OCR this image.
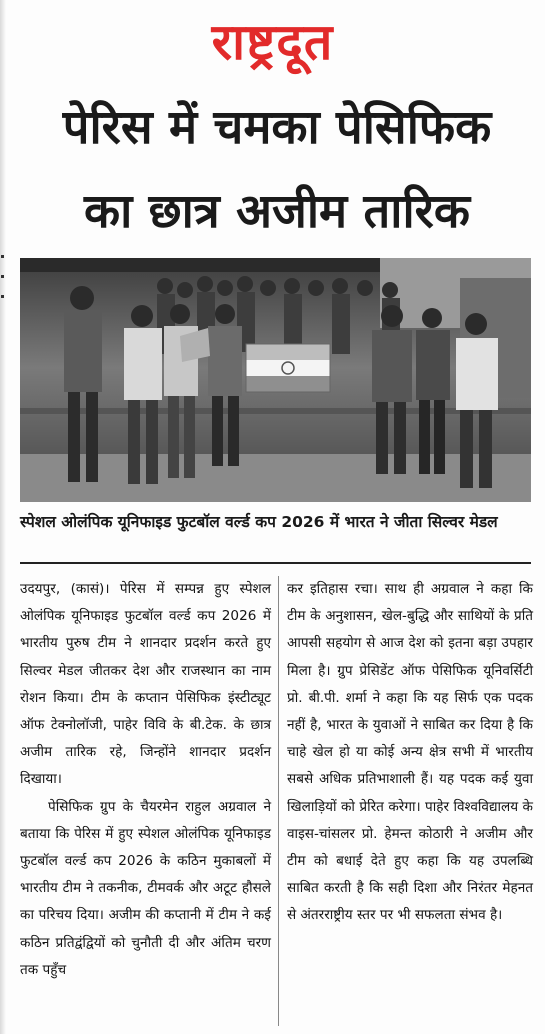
राष्ट्रदूत
पेरिस में चमका पेसिफिक
का छात्र अजीम तारिक
स्पेशल ओलंपिक यूनिफाइड फुटबॉल वर्ल्ड कप 2026 में भारत ने जीता सिल्वर मेडल

उदयपुर, (कासं)। पेरिस में सम्पन्न हुए स्पेशल ओलंपिक यूनिफाइड फुटबॉल वर्ल्ड कप 2026 में भारतीय पुरुष टीम ने शानदार प्रदर्शन करते हुए सिल्वर मेडल जीतकर देश और राजस्थान का नाम रोशन किया। टीम के कप्तान पेसिफिक इंस्टीट्यूट ऑफ टेक्नोलॉजी, पाहेर विवि के बी.टेक. के छात्र अजीम तारिक रहे, जिन्होंने शानदार प्रदर्शन दिखाया।

पेसिफिक ग्रुप के चैयरमेन राहुल अग्रवाल ने बताया कि पेरिस में हुए स्पेशल ओलंपिक यूनिफाइड फुटबॉल वर्ल्ड कप 2026 के कठिन मुकाबलों में भारतीय टीम ने तकनीक, टीमवर्क और अटूट हौसले का परिचय दिया। अजीम की कप्तानी में टीम ने कई कठिन प्रतिद्वंद्वियों को चुनौती दी और अंतिम चरण तक पहुँच

कर इतिहास रचा। साथ ही अग्रवाल ने कहा कि टीम के अनुशासन, खेल-बुद्धि और साथियों के प्रति आपसी सहयोग से आज देश को इतना बड़ा उपहार मिला है। ग्रुप प्रेसिडेंट ऑफ पेसिफिक यूनिवर्सिटी प्रो. बी.पी. शर्मा ने कहा कि यह सिर्फ एक पदक नहीं है, भारत के युवाओं ने साबित कर दिया है कि चाहे खेल हो या कोई अन्य क्षेत्र सभी में भारतीय सबसे अधिक प्रतिभाशाली हैं। यह पदक कई युवा खिलाड़ियों को प्रेरित करेगा। पाहेर विश्वविद्यालय के वाइस-चांसलर प्रो. हेमन्त कोठारी ने अजीम और टीम को बधाई देते हुए कहा कि यह उपलब्धि साबित करती है कि सही दिशा और निरंतर मेहनत से अंतरराष्ट्रीय स्तर पर भी सफलता संभव है।
